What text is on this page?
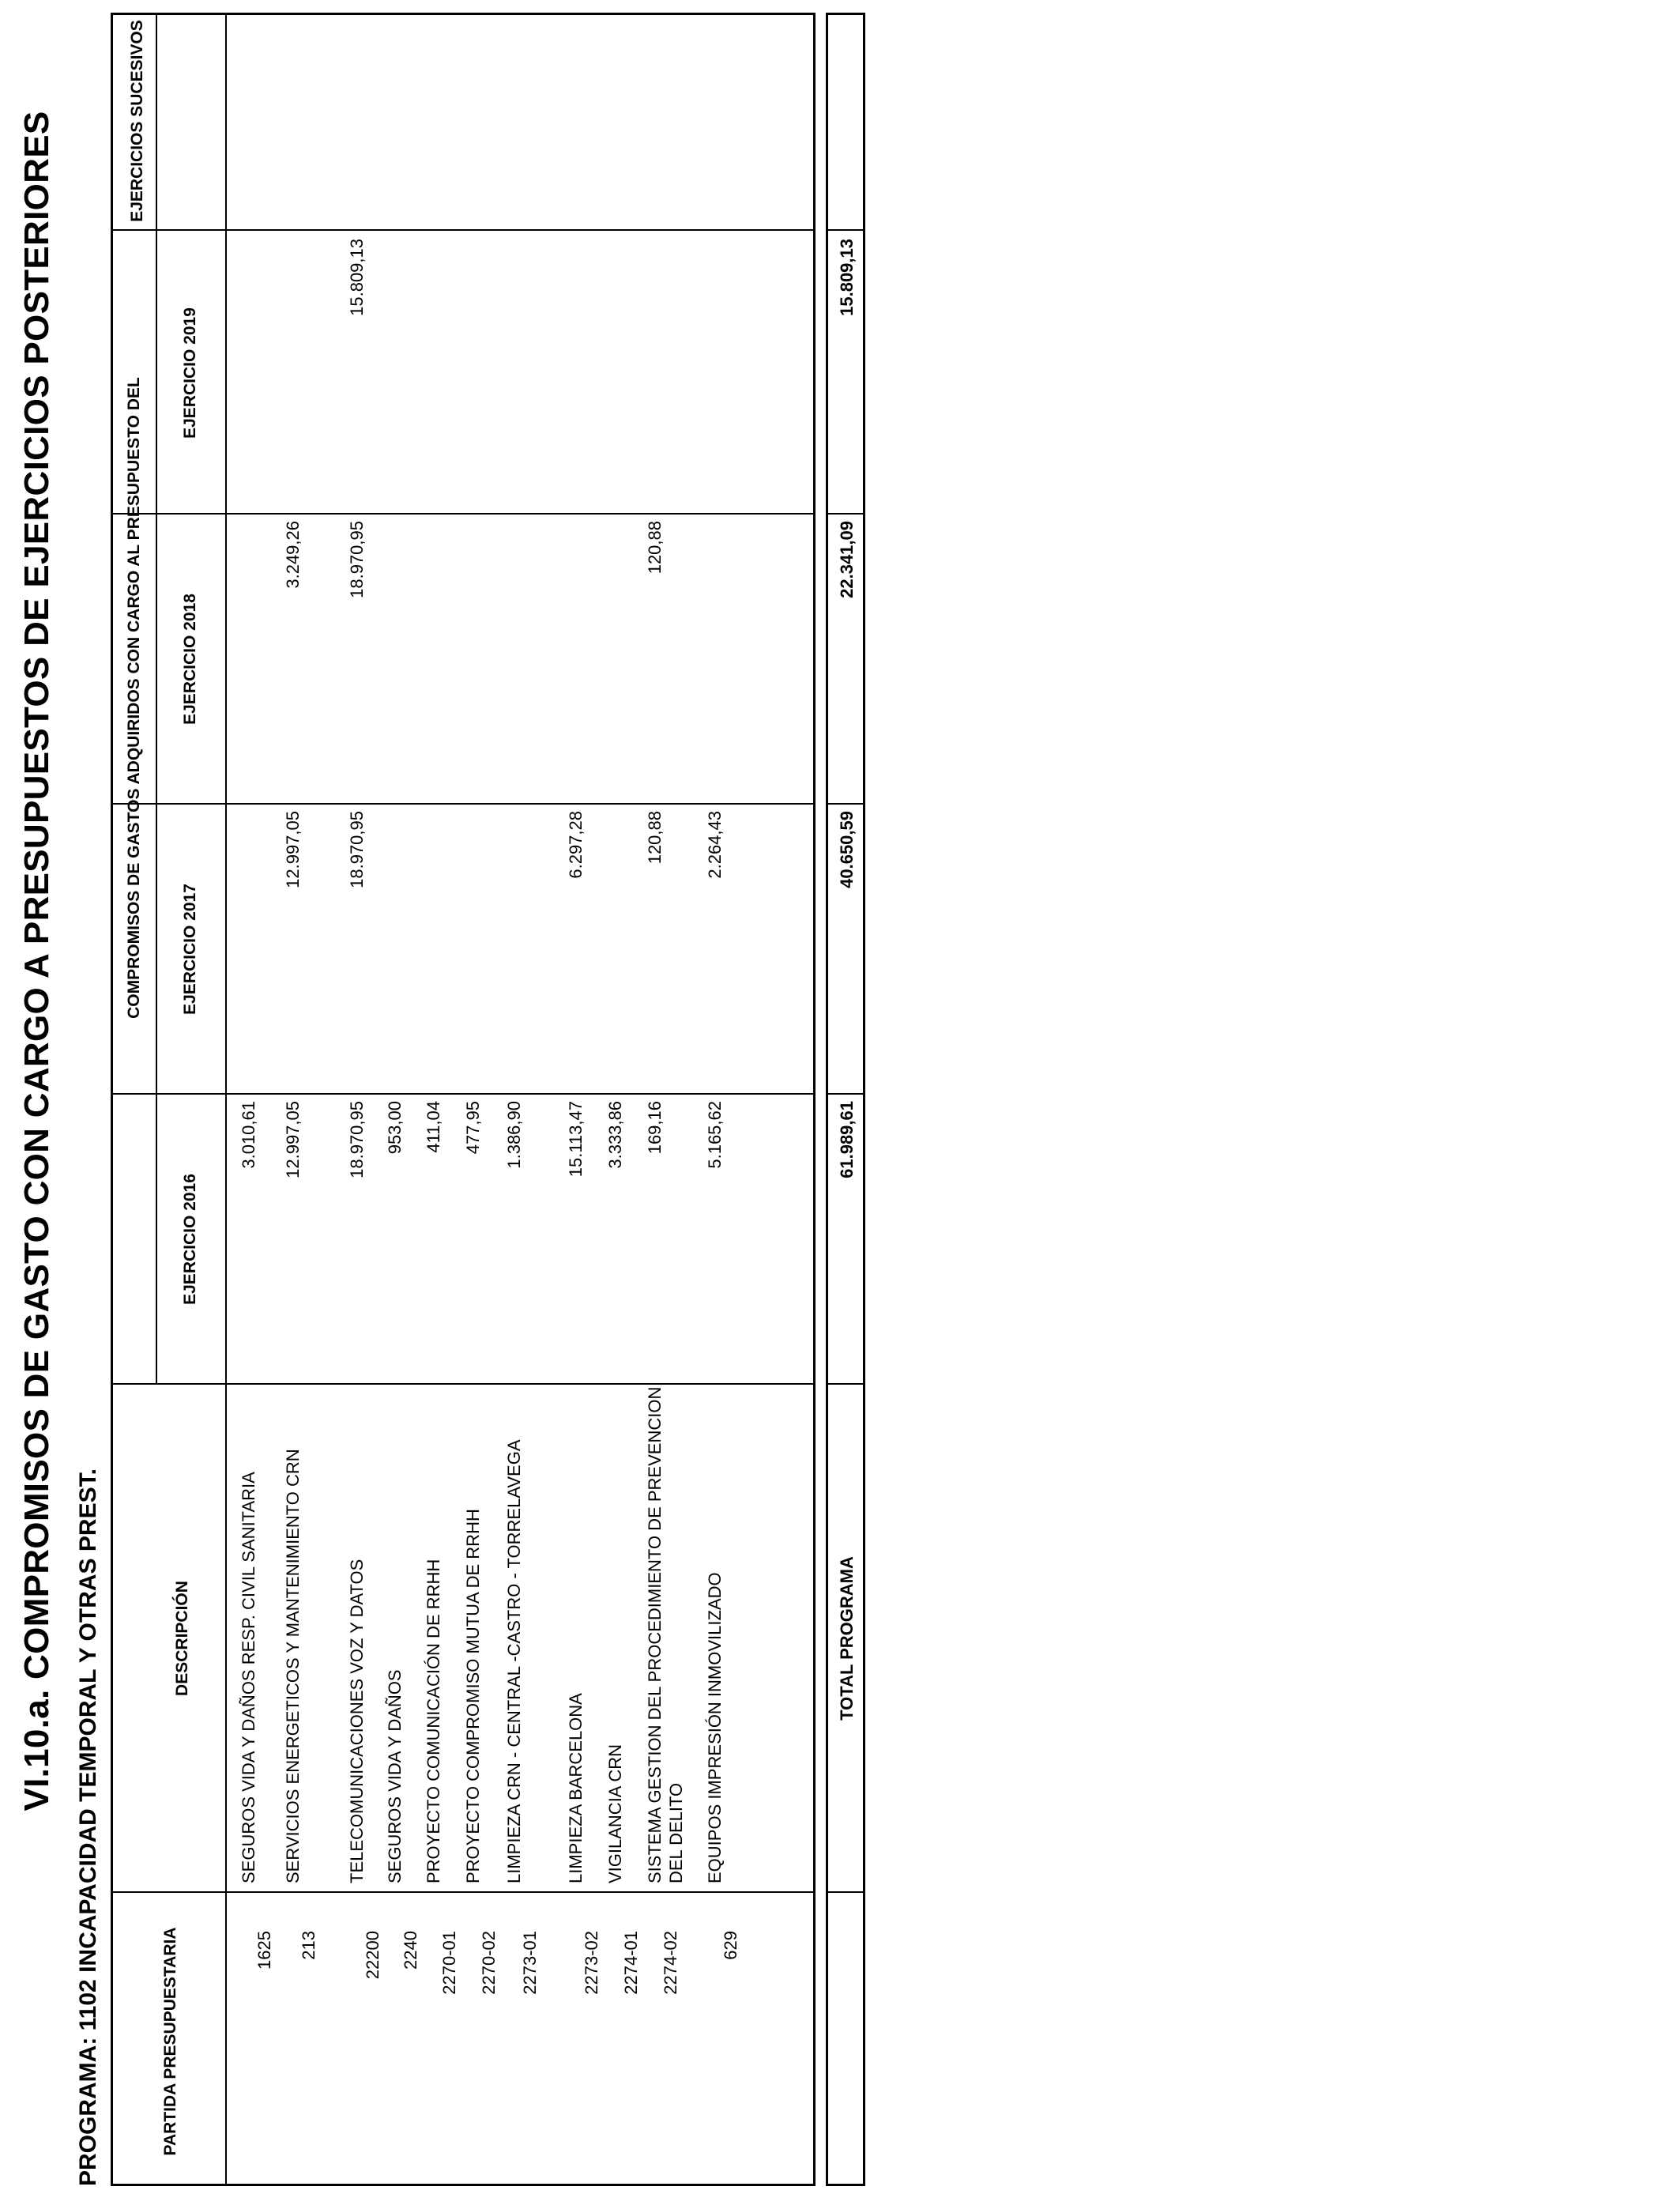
VI.10.a. COMPROMISOS DE GASTO CON CARGO A PRESUPUESTOS DE EJERCICIOS POSTERIORES
PROGRAMA: 1102 INCAPACIDAD TEMPORAL Y OTRAS PREST.	PARTIDA PRESUPUESTARIA
DESCRIPCIÓN
COMPROMISOS DE GASTOS ADQUIRIDOS CON CARGO AL PRESUPUESTO DEL
EJERCICIO 2016
EJERCICIO 2017
EJERCICIO 2018
EJERCICIO 2019
EJERCICIOS SUCESIVOS
1625
SEGUROS VIDA Y DAÑOS RESP. CIVIL SANITARIA
3.010,61
213
SERVICIOS ENERGETICOS Y MANTENIMIENTO CRN
12.997,05
12.997,05
3.249,26
22200
TELECOMUNICACIONES VOZ Y DATOS
18.970,95
18.970,95
18.970,95
15.809,13
2240
SEGUROS VIDA Y DAÑOS
953,00
2270-01
PROYECTO COMUNICACIÓN DE RRHH
411,04
2270-02
PROYECTO COMPROMISO MUTUA DE RRHH
477,95
2273-01
LIMPIEZA CRN - CENTRAL -CASTRO - TORRELAVEGA
1.386,90
2273-02
LIMPIEZA BARCELONA
15.113,47
6.297,28
2274-01
VIGILANCIA CRN
3.333,86
2274-02
SISTEMA GESTION DEL PROCEDIMIENTO DE PREVENCION DEL DELITO
169,16
120,88
120,88
629
EQUIPOS IMPRESIÓN INMOVILIZADO
5.165,62
2.264,43
TOTAL PROGRAMA
61.989,61
40.650,59
22.341,09
15.809,13
